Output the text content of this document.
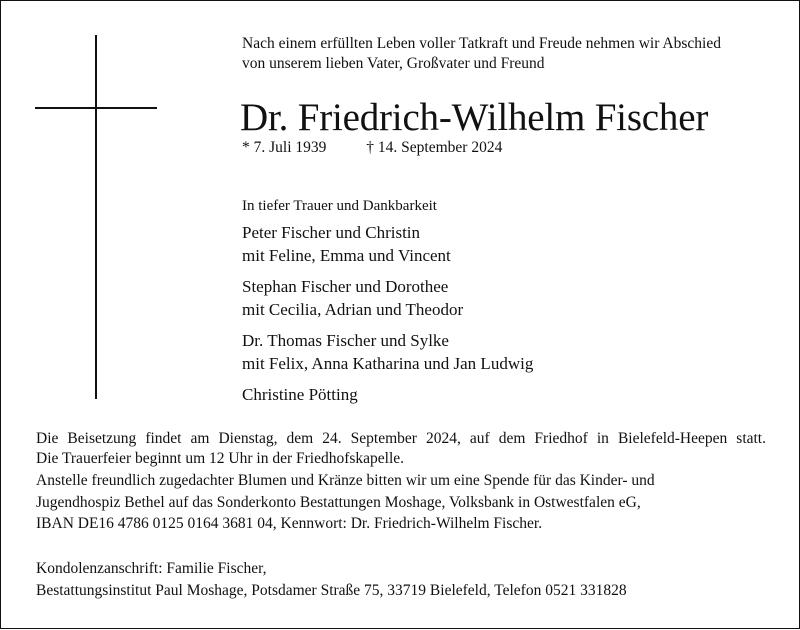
Nach einem erfüllten Leben voller Tatkraft und Freude nehmen wir Abschied
von unserem lieben Vater, Großvater und Freund
Dr. Friedrich-Wilhelm Fischer
* 7. Juli 1939	† 14. September 2024
In tiefer Trauer und Dankbarkeit
Peter Fischer und Christin
mit Feline, Emma und Vincent
Stephan Fischer und Dorothee
mit Cecilia, Adrian und Theodor
Dr. Thomas Fischer und Sylke
mit Felix, Anna Katharina und Jan Ludwig
Christine Pötting
Die Beisetzung findet am Dienstag, dem 24. September 2024, auf dem Friedhof in Bielefeld-Heepen statt.
Die Trauerfeier beginnt um 12 Uhr in der Friedhofskapelle.
Anstelle freundlich zugedachter Blumen und Kränze bitten wir um eine Spende für das Kinder- und
Jugendhospiz Bethel auf das Sonderkonto Bestattungen Moshage, Volksbank in Ostwestfalen eG,
IBAN DE16 4786 0125 0164 3681 04, Kennwort: Dr. Friedrich-Wilhelm Fischer.
Kondolenzanschrift: Familie Fischer,
Bestattungsinstitut Paul Moshage, Potsdamer Straße 75, 33719 Bielefeld, Telefon 0521 331828
